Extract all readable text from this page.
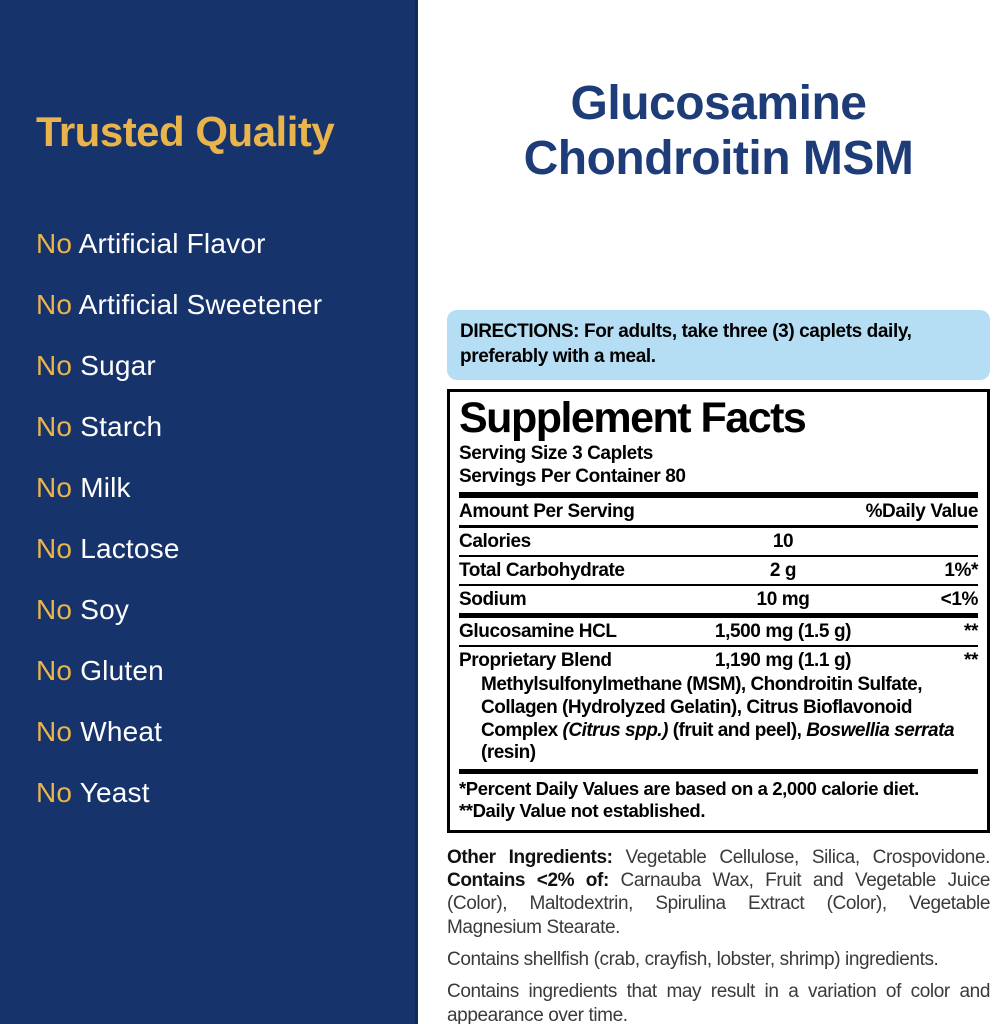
Trusted Quality
No Artificial Flavor
No Artificial Sweetener
No Sugar
No Starch
No Milk
No Lactose
No Soy
No Gluten
No Wheat
No Yeast
Glucosamine
Chondroitin MSM
DIRECTIONS: For adults, take three (3) caplets daily, preferably with a meal.
Supplement Facts
Serving Size 3 Caplets
Servings Per Container 80
Amount Per Serving	%Daily Value
Calories	10
Total Carbohydrate	2 g	1%*
Sodium	10 mg	<1%
Glucosamine HCL	1,500 mg (1.5 g)	**
Proprietary Blend	1,190 mg (1.1 g)	**
Methylsulfonylmethane (MSM), Chondroitin Sulfate, Collagen (Hydrolyzed Gelatin), Citrus Bioflavonoid Complex (Citrus spp.) (fruit and peel), Boswellia serrata (resin)
*Percent Daily Values are based on a 2,000 calorie diet.
**Daily Value not established.
Other Ingredients: Vegetable Cellulose, Silica, Crospovidone. Contains <2% of: Carnauba Wax, Fruit and Vegetable Juice (Color), Maltodextrin, Spirulina Extract (Color), Vegetable Magnesium Stearate.
Contains shellfish (crab, crayfish, lobster, shrimp) ingredients.
Contains ingredients that may result in a variation of color and appearance over time.
